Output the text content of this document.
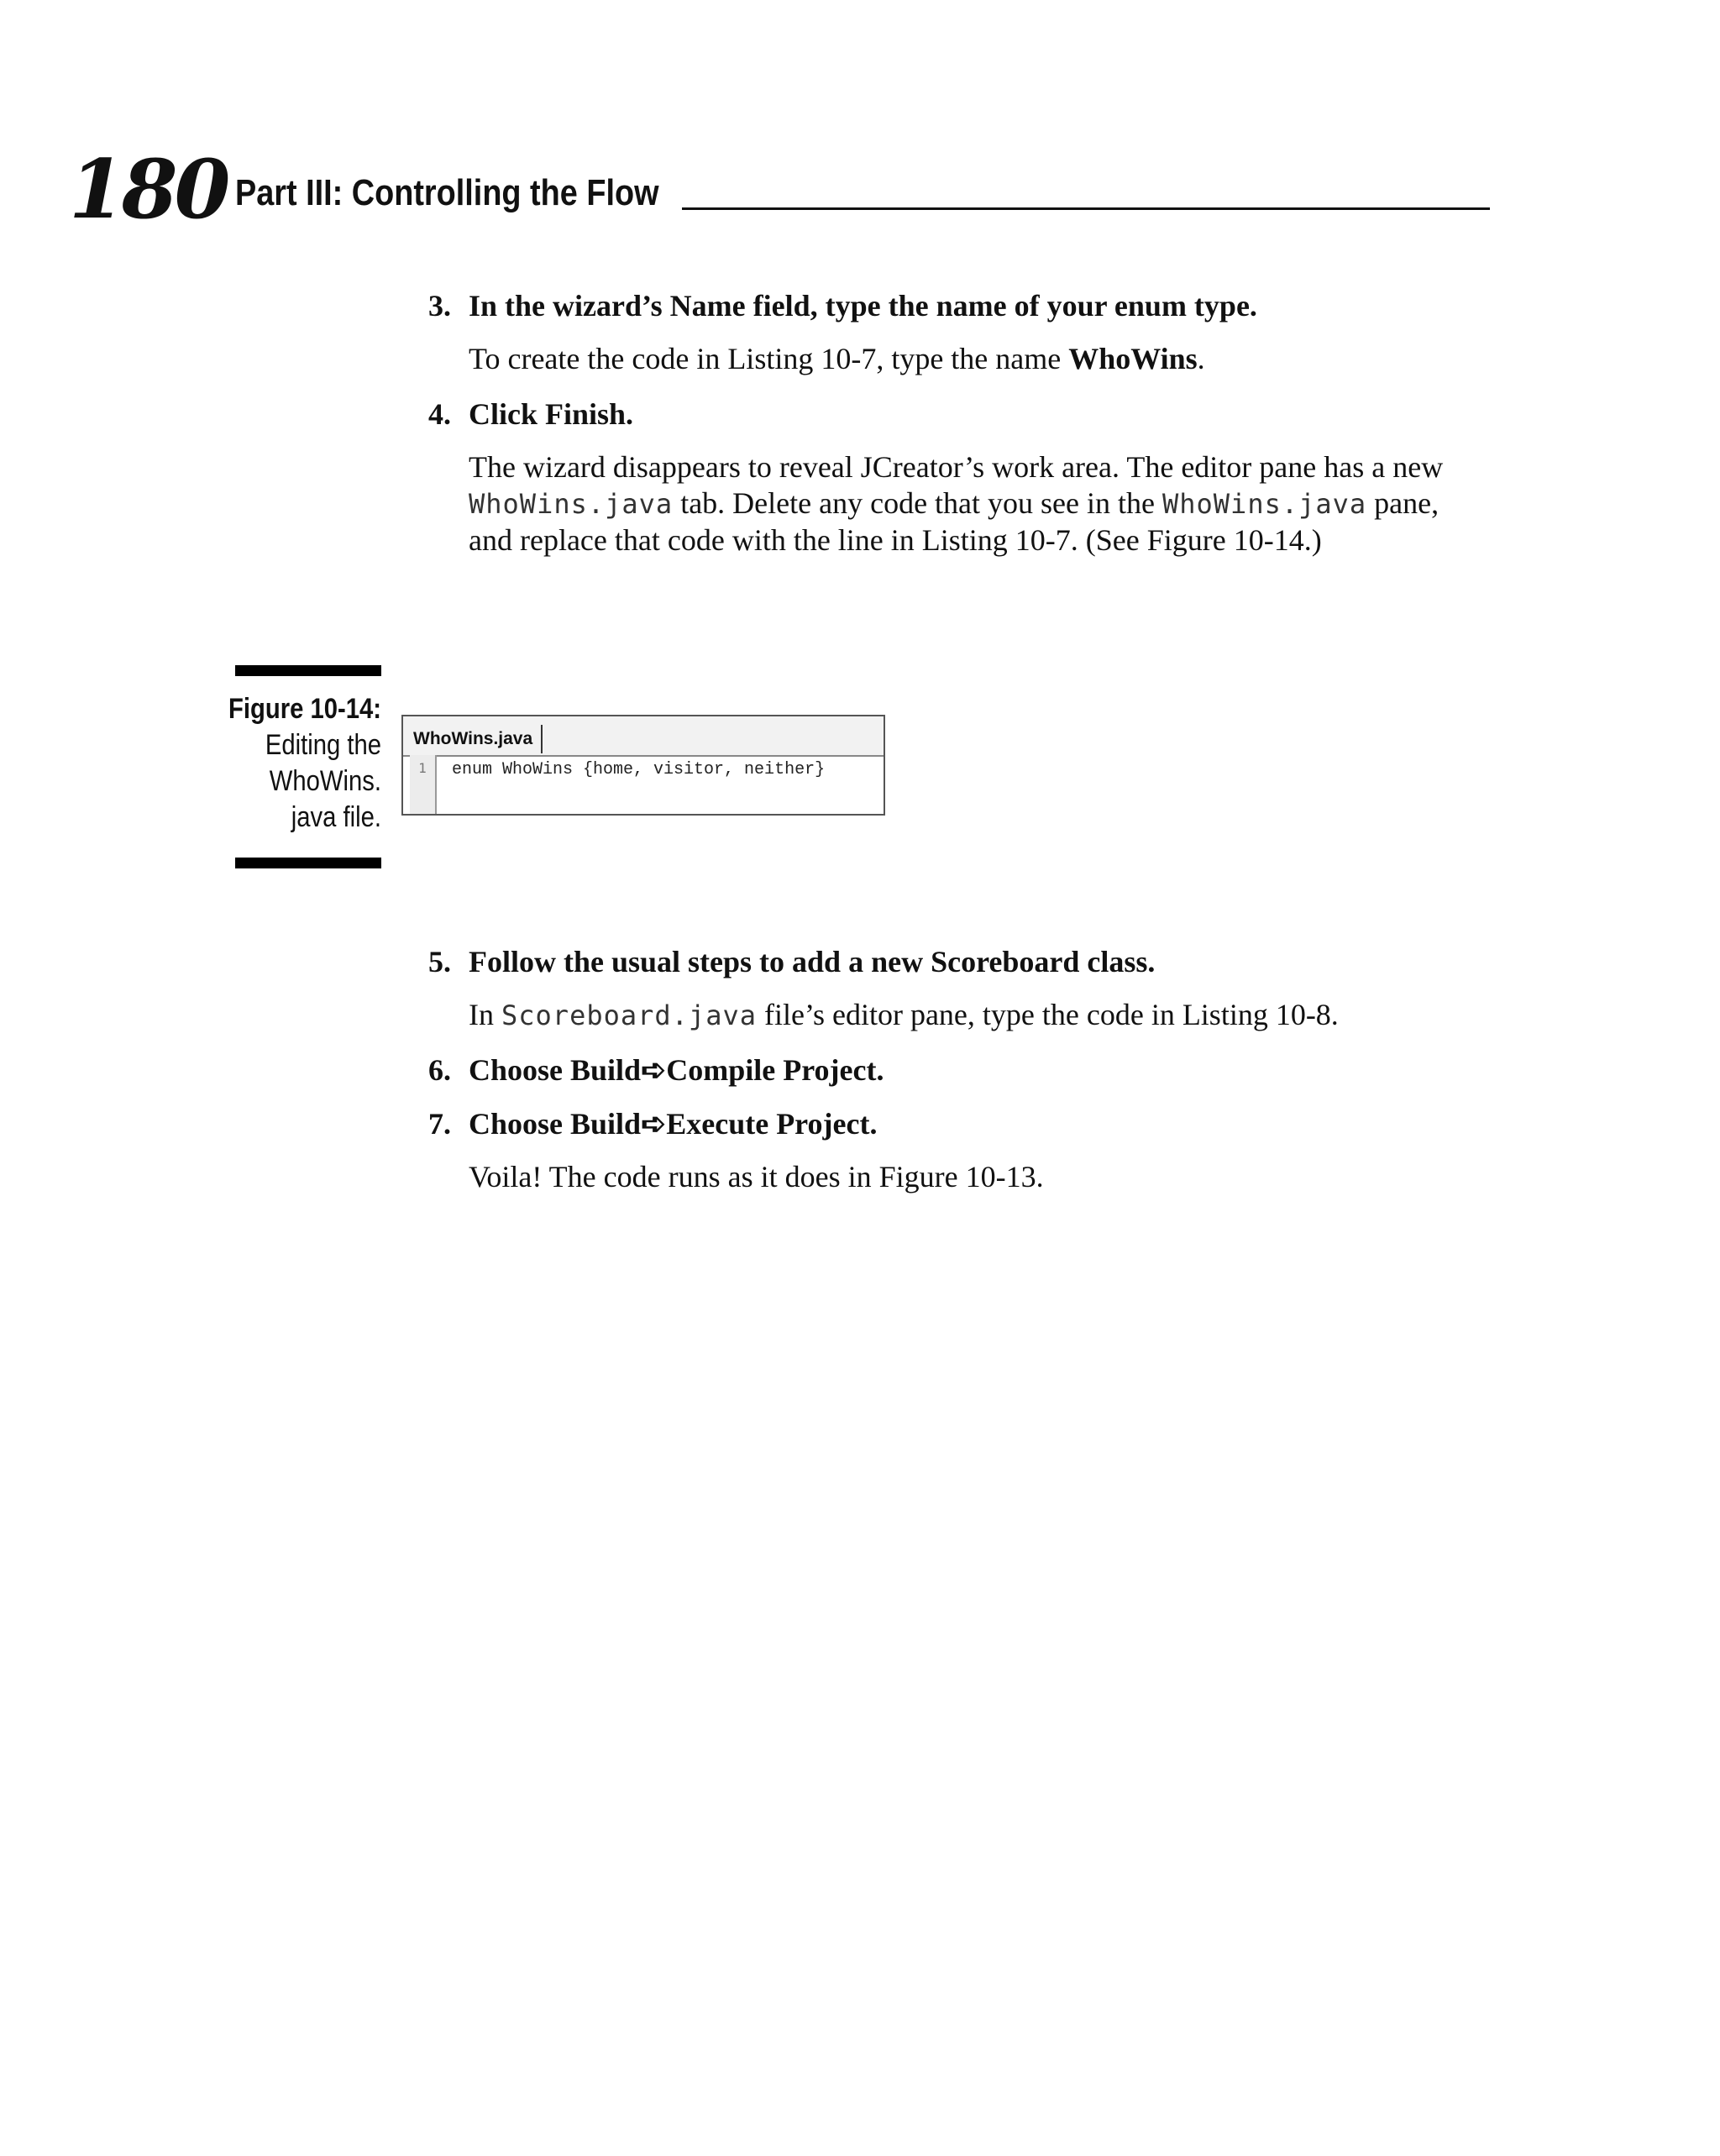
180 Part III: Controlling the Flow
3. In the wizard’s Name field, type the name of your enum type.
To create the code in Listing 10-7, type the name WhoWins.
4. Click Finish.
The wizard disappears to reveal JCreator’s work area. The editor pane has a new WhoWins.java tab. Delete any code that you see in the WhoWins.java pane, and replace that code with the line in Listing 10-7. (See Figure 10-14.)
Figure 10-14:
Editing the
WhoWins.
java file.
WhoWins.java
1	enum WhoWins {home, visitor, neither}
5. Follow the usual steps to add a new Scoreboard class.
In Scoreboard.java file’s editor pane, type the code in Listing 10-8.
6. Choose Build➪Compile Project.
7. Choose Build➪Execute Project.
Voila! The code runs as it does in Figure 10-13.
